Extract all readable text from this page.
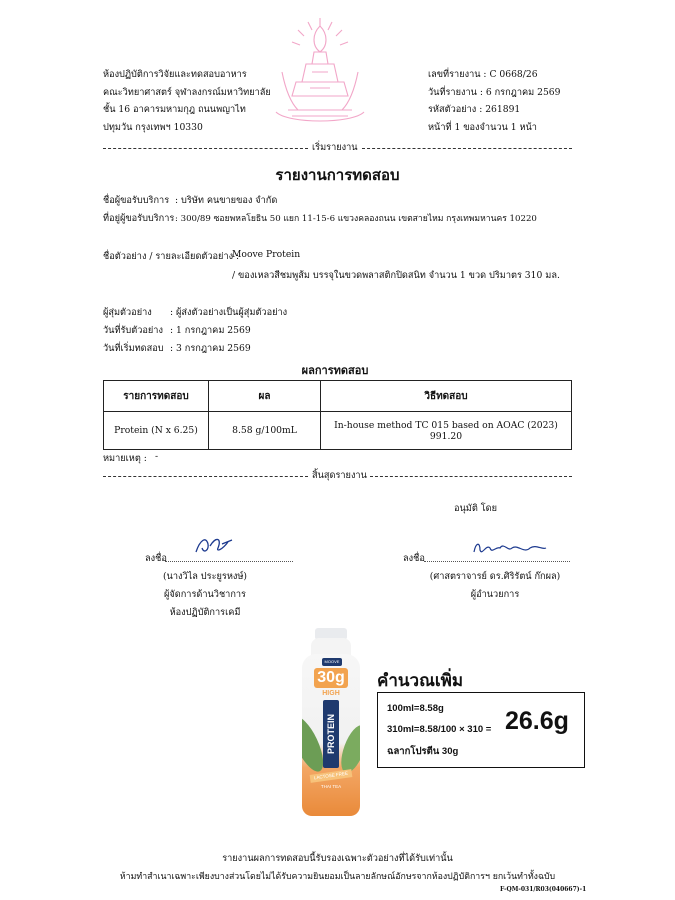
ห้องปฏิบัติการวิจัยและทดสอบอาหาร
คณะวิทยาศาสตร์ จุฬาลงกรณ์มหาวิทยาลัย
ชั้น 16 อาคารมหามกุฎ ถนนพญาไท
ปทุมวัน กรุงเทพฯ 10330
เลขที่รายงาน : C 0668/26
วันที่รายงาน : 6 กรกฎาคม 2569
รหัสตัวอย่าง : 261891
หน้าที่ 1 ของจำนวน 1 หน้า
เริ่มรายงาน
รายงานการทดสอบ
ชื่อผู้ขอรับบริการ : บริษัท คนขายของ จำกัด
ที่อยู่ผู้ขอรับบริการ : 300/89 ซอยพหลโยธิน 50 แยก 11-15-6 แขวงคลองถนน เขตสายไหม กรุงเทพมหานคร 10220
ชื่อตัวอย่าง / รายละเอียดตัวอย่าง :
Moove Protein
/ ของเหลวสีชมพูส้ม บรรจุในขวดพลาสติกปิดสนิท จำนวน 1 ขวด ปริมาตร 310 มล.
ผู้สุ่มตัวอย่าง : ผู้ส่งตัวอย่างเป็นผู้สุ่มตัวอย่าง
วันที่รับตัวอย่าง : 1 กรกฎาคม 2569
วันที่เริ่มทดสอบ : 3 กรกฎาคม 2569
ผลการทดสอบ
รายการทดสอบ	ผล	วิธีทดสอบ
Protein (N x 6.25)	8.58 g/100mL	In-house method TC 015 based on AOAC (2023) 991.20
หมายเหตุ : -
สิ้นสุดรายงาน
อนุมัติ โดย
ลงชื่อ
(นางวิไล ประยูรหงษ์)
ผู้จัดการด้านวิชาการ
ห้องปฏิบัติการเคมี
ลงชื่อ
(ศาสตราจารย์ ดร.ศิริรัตน์ ก๊กผล)
ผู้อำนวยการ
MOOVE
30g
HIGH
PROTEIN
LACTOSE FREE
THAI TEA
คำนวณเพิ่ม
100ml=8.58g
310ml=8.58/100 × 310 = 26.6g
ฉลากโปรตีน 30g
รายงานผลการทดสอบนี้รับรองเฉพาะตัวอย่างที่ได้รับเท่านั้น
ห้ามทำสำเนาเฉพาะเพียงบางส่วนโดยไม่ได้รับความยินยอมเป็นลายลักษณ์อักษรจากห้องปฏิบัติการฯ ยกเว้นทำทั้งฉบับ
F-QM-031/R03(040667)-1
